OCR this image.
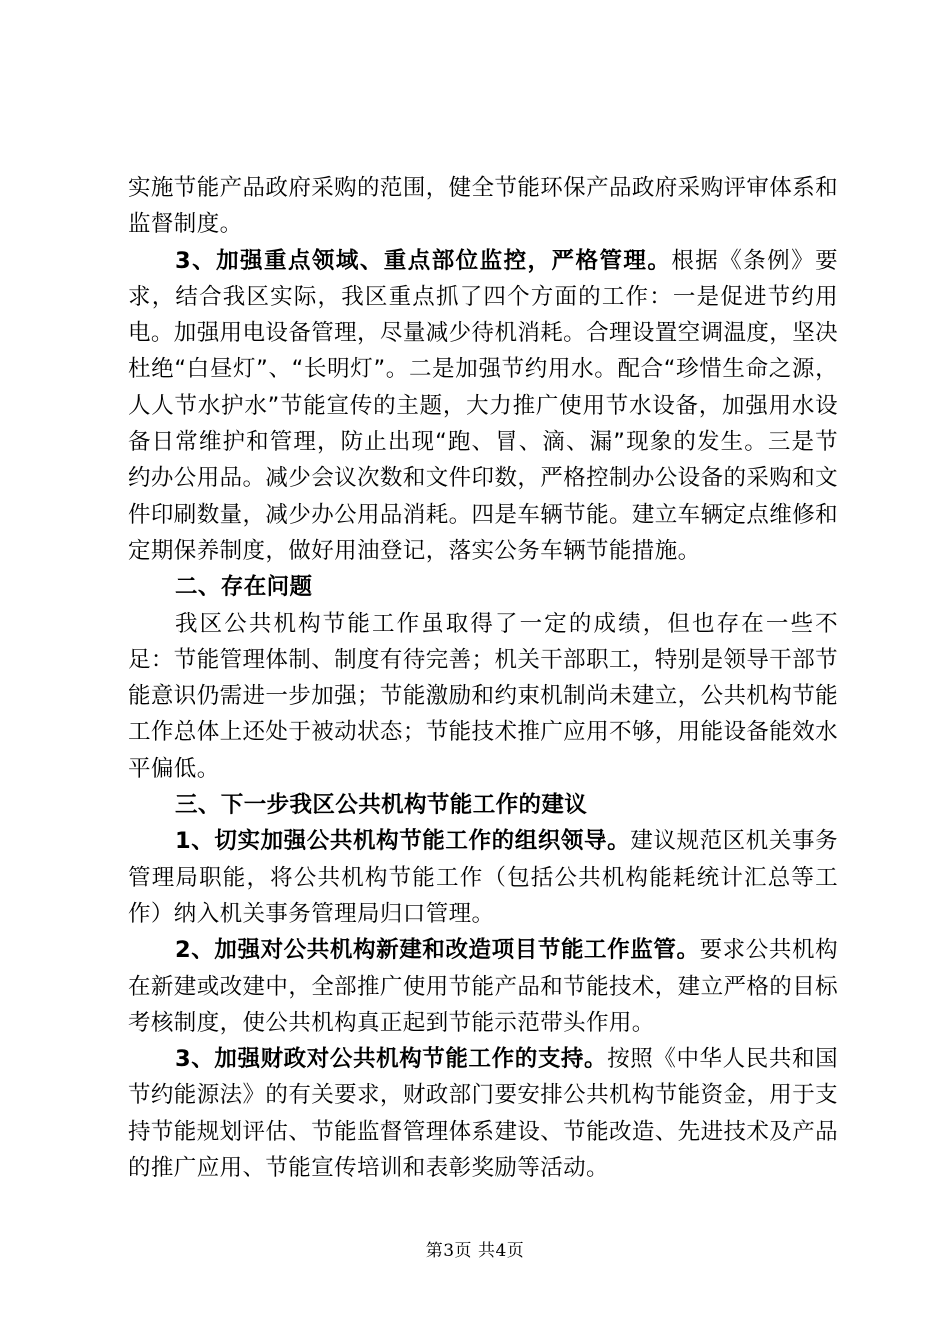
实施节能产品政府采购的范围，健全节能环保产品政府采购评审体系和监督制度。

3、加强重点领域、重点部位监控，严格管理。根据《条例》要求，结合我区实际，我区重点抓了四个方面的工作：一是促进节约用电。加强用电设备管理，尽量减少待机消耗。合理设置空调温度，坚决杜绝“白昼灯”、“长明灯”。二是加强节约用水。配合“珍惜生命之源，人人节水护水”节能宣传的主题，大力推广使用节水设备，加强用水设备日常维护和管理，防止出现“跑、冒、滴、漏”现象的发生。三是节约办公用品。减少会议次数和文件印数，严格控制办公设备的采购和文件印刷数量，减少办公用品消耗。四是车辆节能。建立车辆定点维修和定期保养制度，做好用油登记，落实公务车辆节能措施。

二、存在问题

我区公共机构节能工作虽取得了一定的成绩，但也存在一些不足：节能管理体制、制度有待完善；机关干部职工，特别是领导干部节能意识仍需进一步加强；节能激励和约束机制尚未建立，公共机构节能工作总体上还处于被动状态；节能技术推广应用不够，用能设备能效水平偏低。

三、下一步我区公共机构节能工作的建议

1、切实加强公共机构节能工作的组织领导。建议规范区机关事务管理局职能，将公共机构节能工作（包括公共机构能耗统计汇总等工作）纳入机关事务管理局归口管理。

2、加强对公共机构新建和改造项目节能工作监管。要求公共机构在新建或改建中，全部推广使用节能产品和节能技术，建立严格的目标考核制度，使公共机构真正起到节能示范带头作用。

3、加强财政对公共机构节能工作的支持。按照《中华人民共和国节约能源法》的有关要求，财政部门要安排公共机构节能资金，用于支持节能规划评估、节能监督管理体系建设、节能改造、先进技术及产品的推广应用、节能宣传培训和表彰奖励等活动。

第3页 共4页
